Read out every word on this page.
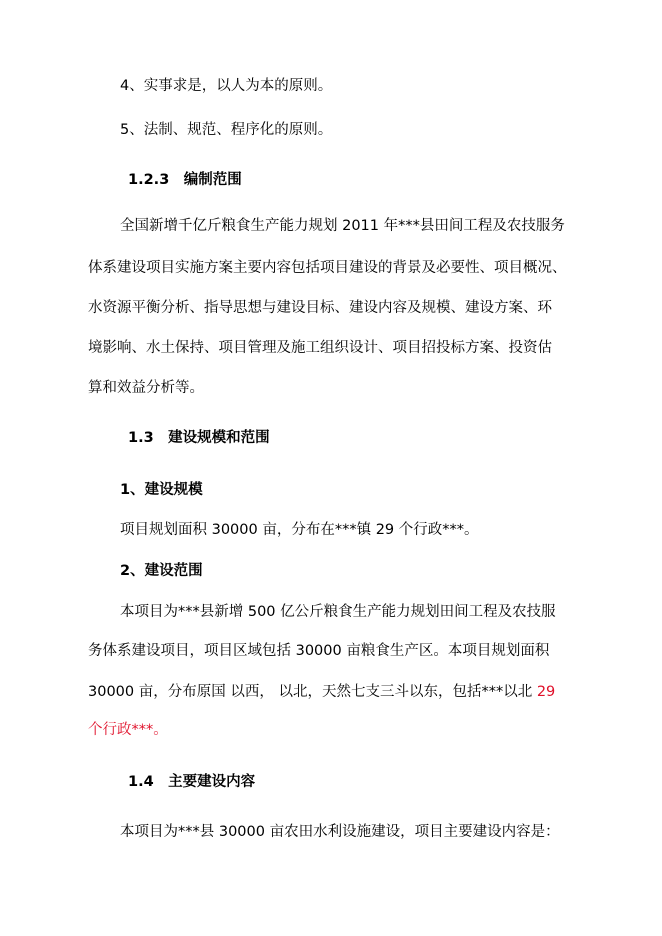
4、实事求是，以人为本的原则。
5、法制、规范、程序化的原则。
1.2.3　编制范围
全国新增千亿斤粮食生产能力规划 2011 年***县田间工程及农技服务
体系建设项目实施方案主要内容包括项目建设的背景及必要性、项目概况、
水资源平衡分析、指导思想与建设目标、建设内容及规模、建设方案、环
境影响、水土保持、项目管理及施工组织设计、项目招投标方案、投资估
算和效益分析等。
1.3　建设规模和范围
1、建设规模
项目规划面积 30000 亩，分布在***镇 29 个行政***。
2、建设范围
本项目为***县新增 500 亿公斤粮食生产能力规划田间工程及农技服
务体系建设项目，项目区域包括 30000 亩粮食生产区。本项目规划面积
30000 亩，分布原国 以西， 以北，天然七支三斗以东，包括***以北 29
个行政***。
1.4　主要建设内容
本项目为***县 30000 亩农田水利设施建设，项目主要建设内容是：
